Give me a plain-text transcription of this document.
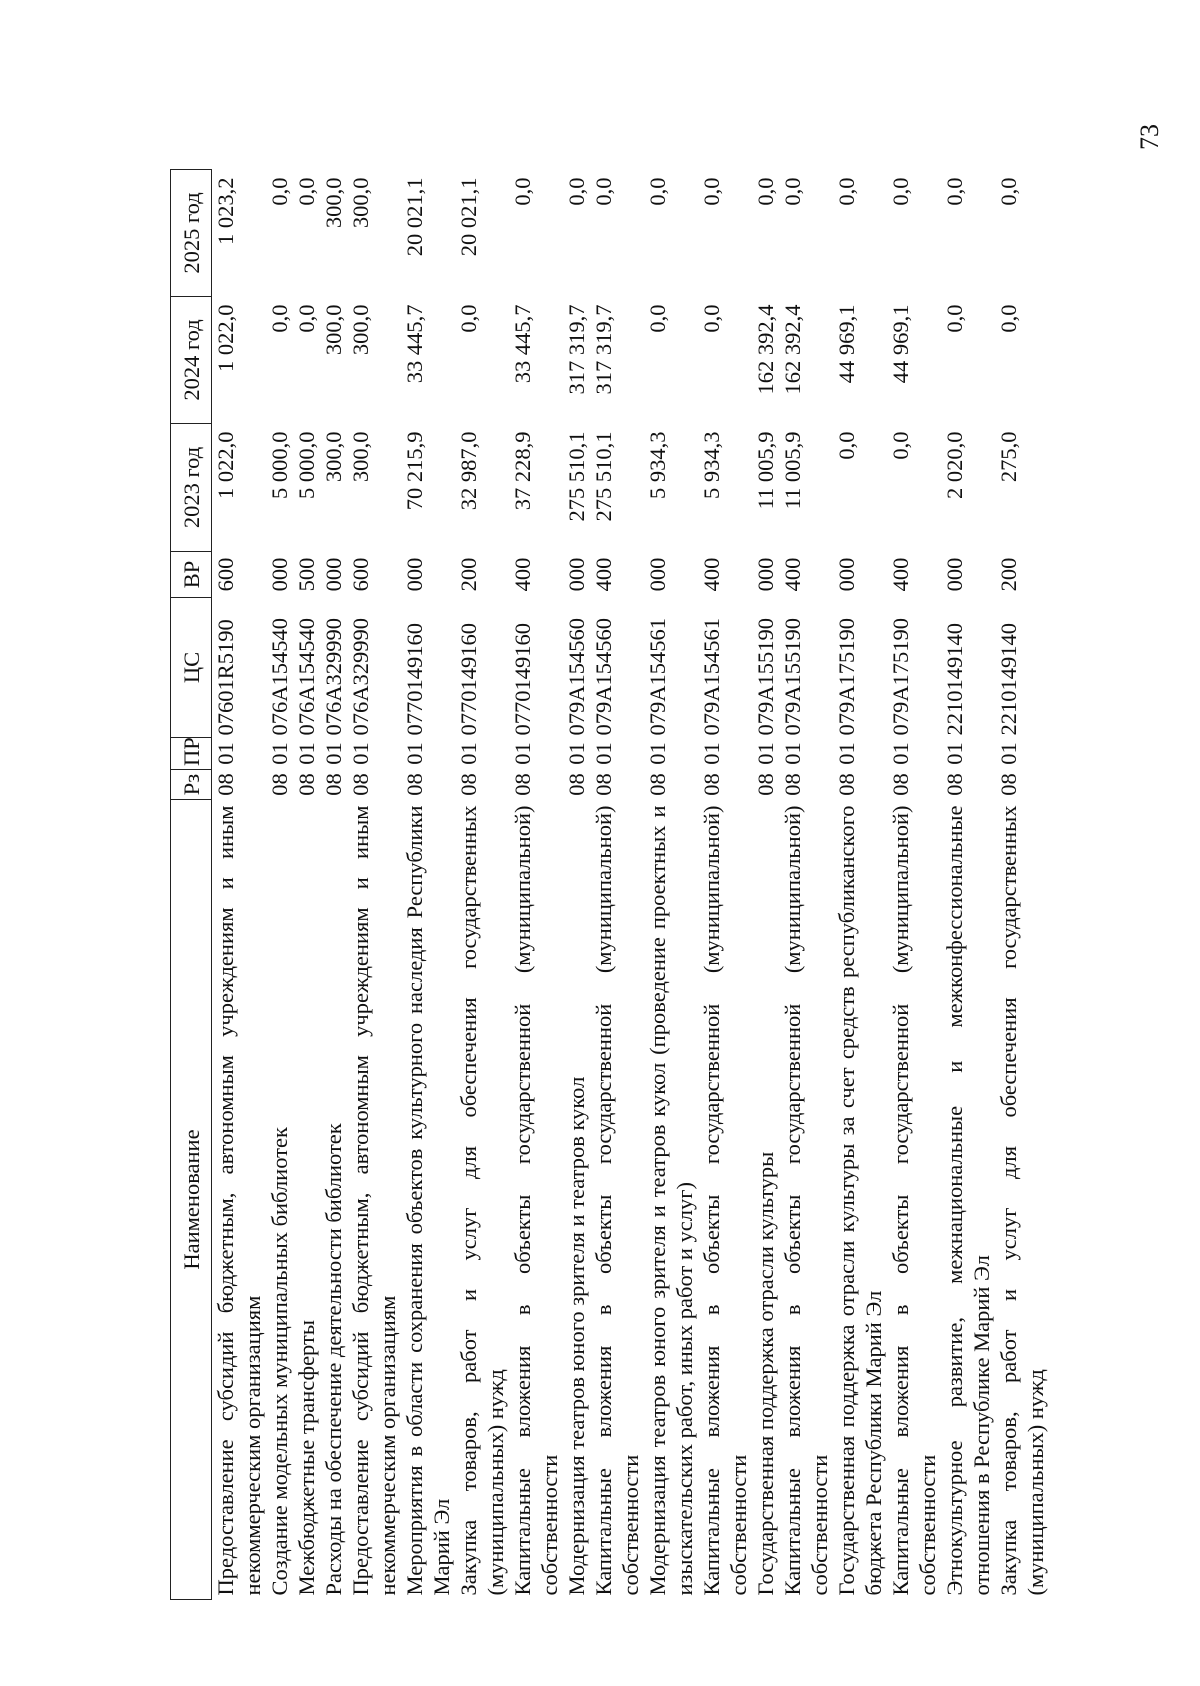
73
Наименование	Рз	ПР	ЦС	ВР	2023 год	2024 год	2025 год
Предоставление субсидий бюджетным, автономным учреждениям и иным некоммерческим организациям	08	01	07601R5190	600	1 022,0	1 022,0	1 023,2
Создание модельных муниципальных библиотек	08	01	076A154540	000	5 000,0	0,0	0,0
Межбюджетные трансферты	08	01	076A154540	500	5 000,0	0,0	0,0
Расходы на обеспечение деятельности библиотек	08	01	076A329990	000	300,0	300,0	300,0
Предоставление субсидий бюджетным, автономным учреждениям и иным некоммерческим организациям	08	01	076A329990	600	300,0	300,0	300,0
Мероприятия в области сохранения объектов культурного наследия Республики Марий Эл	08	01	0770149160	000	70 215,9	33 445,7	20 021,1
Закупка товаров, работ и услуг для обеспечения государственных (муниципальных) нужд	08	01	0770149160	200	32 987,0	0,0	20 021,1
Капитальные вложения в объекты государственной (муниципальной) собственности	08	01	0770149160	400	37 228,9	33 445,7	0,0
Модернизация театров юного зрителя и театров кукол	08	01	079A154560	000	275 510,1	317 319,7	0,0
Капитальные вложения в объекты государственной (муниципальной) собственности	08	01	079A154560	400	275 510,1	317 319,7	0,0
Модернизация театров юного зрителя и театров кукол (проведение проектных и изыскательских работ, иных работ и услуг)	08	01	079A154561	000	5 934,3	0,0	0,0
Капитальные вложения в объекты государственной (муниципальной) собственности	08	01	079A154561	400	5 934,3	0,0	0,0
Государственная поддержка отрасли культуры	08	01	079A155190	000	11 005,9	162 392,4	0,0
Капитальные вложения в объекты государственной (муниципальной) собственности	08	01	079A155190	400	11 005,9	162 392,4	0,0
Государственная поддержка отрасли культуры за счет средств республиканского бюджета Республики Марий Эл	08	01	079A175190	000	0,0	44 969,1	0,0
Капитальные вложения в объекты государственной (муниципальной) собственности	08	01	079A175190	400	0,0	44 969,1	0,0
Этнокультурное развитие, межнациональные и межконфессиональные отношения в Республике Марий Эл	08	01	2210149140	000	2 020,0	0,0	0,0
Закупка товаров, работ и услуг для обеспечения государственных (муниципальных) нужд	08	01	2210149140	200	275,0	0,0	0,0
